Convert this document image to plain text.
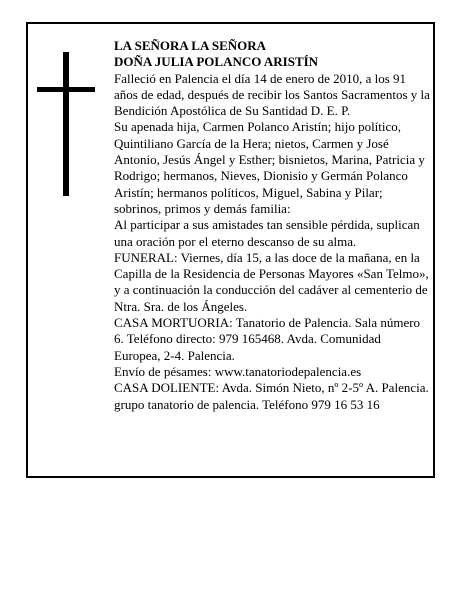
LA SEÑORA LA SEÑORA

DOÑA JULIA POLANCO ARISTÍN

Falleció en Palencia el día 14 de enero de 2010, a los 91 años de edad, después de recibir los Santos Sacramentos y la Bendición Apostólica de Su Santidad D. E. P.

Su apenada hija, Carmen Polanco Aristín; hijo político, Quintiliano García de la Hera; nietos, Carmen y José Antonio, Jesús Ángel y Esther; bisnietos, Marina, Patricia y Rodrigo; hermanos, Nieves, Dionisio y Germán Polanco Aristín; hermanos políticos, Miguel, Sabina y Pilar; sobrinos, primos y demás familia:

Al participar a sus amistades tan sensible pérdida, suplican una oración por el eterno descanso de su alma.

FUNERAL: Viernes, día 15, a las doce de la mañana, en la Capilla de la Residencia de Personas Mayores «San Telmo», y a continuación la conducción del cadáver al cementerio de Ntra. Sra. de los Ángeles.

CASA MORTUORIA: Tanatorio de Palencia. Sala número 6. Teléfono directo: 979 165468. Avda. Comunidad Europea, 2-4. Palencia.

Envío de pésames: www.tanatoriodepalencia.es

CASA DOLIENTE: Avda. Simón Nieto, nº 2-5º A. Palencia.

grupo tanatorio de palencia. Teléfono 979 16 53 16
